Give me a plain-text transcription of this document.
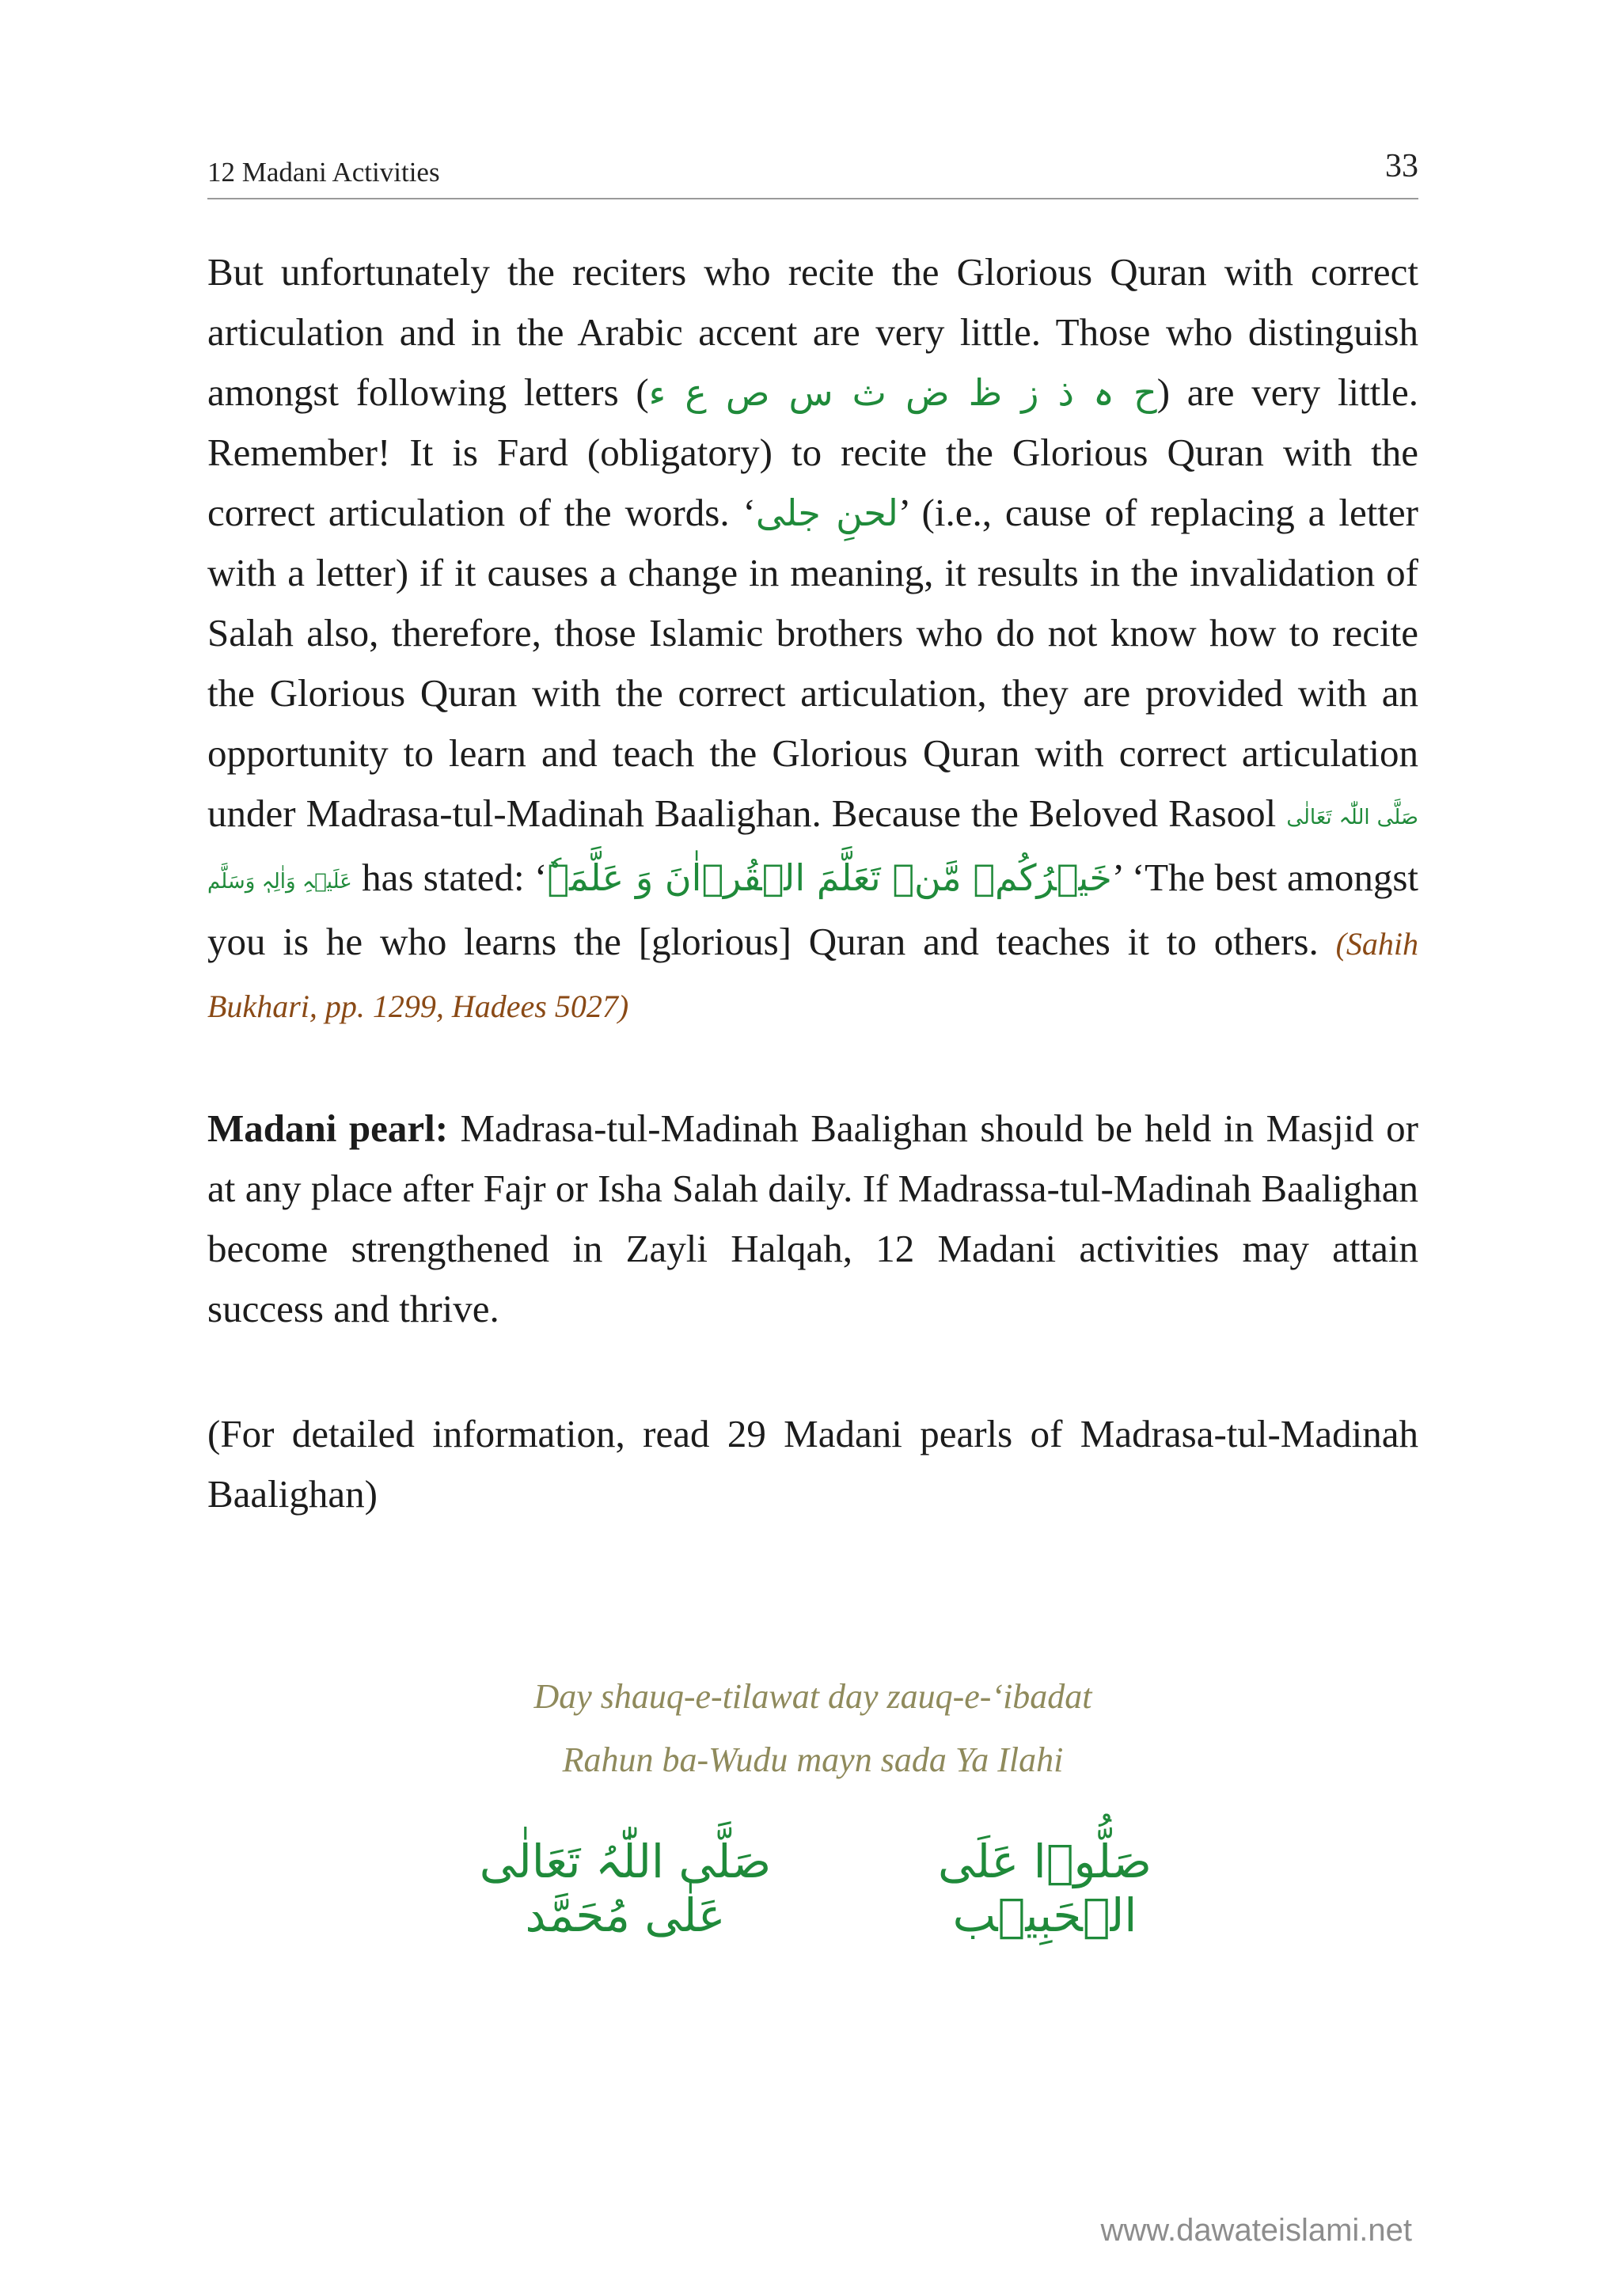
12 Madani Activities	33

But unfortunately the reciters who recite the Glorious Quran with correct articulation and in the Arabic accent are very little. Those who distinguish amongst following letters (ح ہ ذ ز ظ ض ث س ص ع ء) are very little. Remember! It is Fard (obligatory) to recite the Glorious Quran with the correct articulation of the words. ‘لحنِ جلی’ (i.e., cause of replacing a letter with a letter) if it causes a change in meaning, it results in the invalidation of Salah also, therefore, those Islamic brothers who do not know how to recite the Glorious Quran with the correct articulation, they are provided with an opportunity to learn and teach the Glorious Quran with correct articulation under Madrasa-tul-Madinah Baalighan. Because the Beloved Rasool صَلَّی اللّٰہ تَعَالٰی عَلَیۡہِ وَاٰلِہٖ وَسَلَّم has stated: ‘خَیۡرُکُمۡ مَّنۡ تَعَلَّمَ الۡقُرۡاٰنَ وَ عَلَّمَہٗ’ ‘The best amongst you is he who learns the [glorious] Quran and teaches it to others. (Sahih Bukhari, pp. 1299, Hadees 5027)

Madani pearl: Madrasa-tul-Madinah Baalighan should be held in Masjid or at any place after Fajr or Isha Salah daily. If Madrassa-tul-Madinah Baalighan become strengthened in Zayli Halqah, 12 Madani activities may attain success and thrive.

(For detailed information, read 29 Madani pearls of Madrasa-tul-Madinah Baalighan)

Day shauq-e-tilawat day zauq-e-‘ibadat
Rahun ba-Wudu mayn sada Ya Ilahi
صَلُّوۡا عَلَی الۡحَبِیۡب
صَلَّی اللّٰہُ تَعَالٰی عَلٰی مُحَمَّد
www.dawateislami.net
